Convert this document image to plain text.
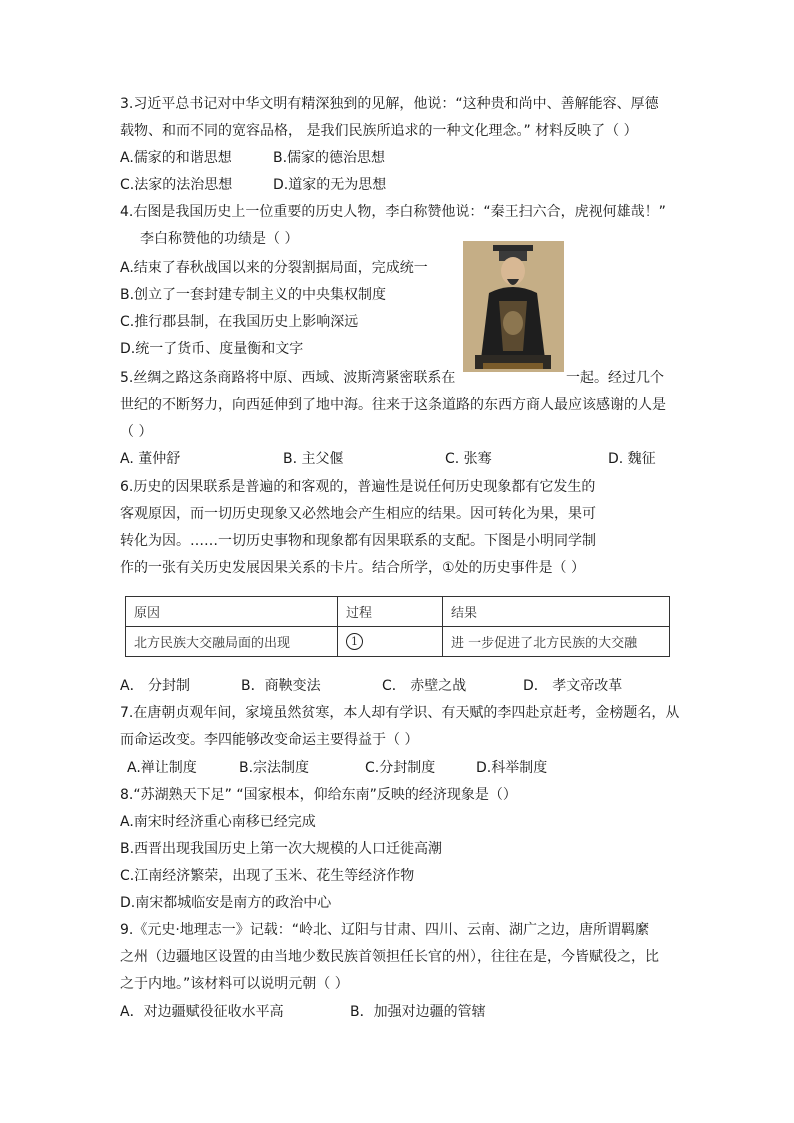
3.习近平总书记对中华文明有精深独到的见解，他说：“这种贵和尚中、善解能容、厚德
载物、和而不同的宽容品格， 是我们民族所追求的一种文化理念。” 材料反映了（ ）
A.儒家的和谐思想	B.儒家的德治思想
C.法家的法治思想	D.道家的无为思想
4.右图是我国历史上一位重要的历史人物，李白称赞他说：“秦王扫六合，虎视何雄哉！”
李白称赞他的功绩是（ ）
A.结束了春秋战国以来的分裂割据局面，完成统一
B.创立了一套封建专制主义的中央集权制度
C.推行郡县制，在我国历史上影响深远
D.统一了货币、度量衡和文字
5.丝绸之路这条商路将中原、西域、波斯湾紧密联系在	一起。经过几个
世纪的不断努力，向西延伸到了地中海。往来于这条道路的东西方商人最应该感谢的人是
（ ）
A. 董仲舒	B. 主父偃	C. 张骞	D. 魏征
6.历史的因果联系是普遍的和客观的，普遍性是说任何历史现象都有它发生的
客观原因，而一切历史现象又必然地会产生相应的结果。因可转化为果，果可
转化为因。……一切历史事物和现象都有因果联系的支配。下图是小明同学制
作的一张有关历史发展因果关系的卡片。结合所学，①处的历史事件是（ ）
原因	过程	结果
北方民族大交融局面的出现	1	进 一步促进了北方民族的大交融
A． 分封制	B．商鞅变法	C． 赤壁之战	D． 孝文帝改革
7.在唐朝贞观年间，家境虽然贫寒，本人却有学识、有天赋的李四赴京赶考，金榜题名，从
而命运改变。李四能够改变命运主要得益于（ ）
A.禅让制度	B.宗法制度	C.分封制度	D.科举制度
8.“苏湖熟天下足” “国家根本，仰给东南”反映的经济现象是（）
A.南宋时经济重心南移已经完成
B.西晋出现我国历史上第一次大规模的人口迁徙高潮
C.江南经济繁荣，出现了玉米、花生等经济作物
D.南宋都城临安是南方的政治中心
9.《元史·地理志一》记载：“岭北、辽阳与甘肃、四川、云南、湖广之边，唐所谓羁縻
之州（边疆地区设置的由当地少数民族首领担任长官的州），往往在是，今皆赋役之，比
之于内地。”该材料可以说明元朝（ ）
A．对边疆赋役征收水平高	B．加强对边疆的管辖
